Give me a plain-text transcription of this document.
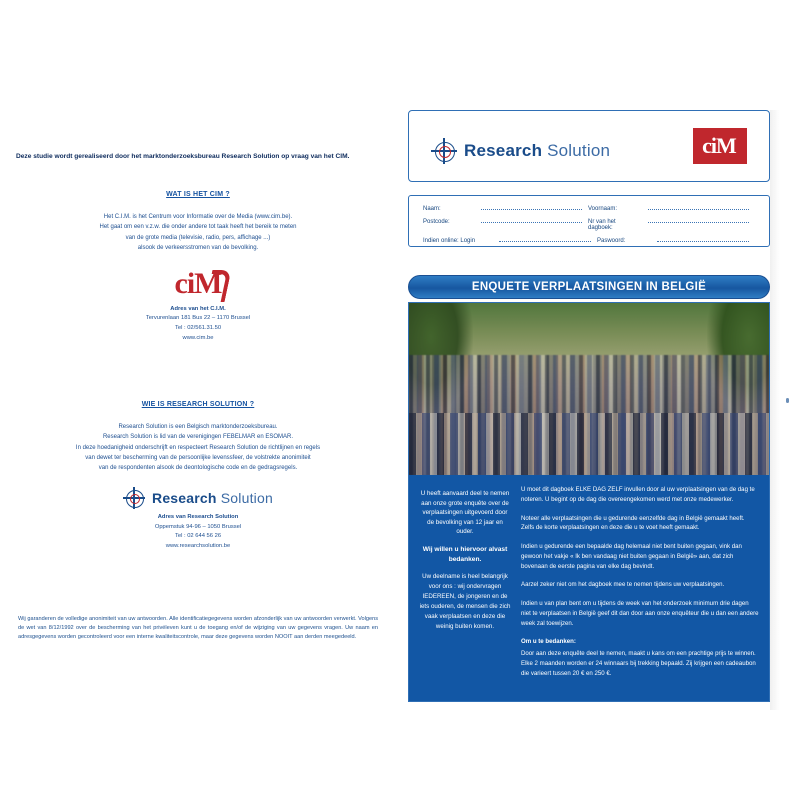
Deze studie wordt gerealiseerd door het marktonderzoeksbureau Research Solution op vraag van het CIM.
WAT IS HET CIM ?
Het C.I.M. is het Centrum voor Informatie over de Media (www.cim.be).
Het gaat om een v.z.w. die onder andere tot taak heeft het bereik te meten
van de grote media (televisie, radio, pers, affichage ...)
alsook de verkeersstromen van de bevolking.
ciM
Adres van het C.I.M.
Tervurenlaan 181 Bus 22 – 1170 Brussel
Tel : 02/561.31.50
www.cim.be
WIE IS RESEARCH SOLUTION ?
Research Solution is een Belgisch marktonderzoeksbureau.
Research Solution is lid van de verenigingen FEBELMAR en ESOMAR.
In deze hoedanigheid onderschrijft en respecteert Research Solution de richtlijnen en regels
van dewet ter bescherming van de persoonlijke levenssfeer, de volstrekte anonimiteit
van de respondenten alsook de deontologische code en de gedragsregels.
Research Solution
Adres van Research Solution
Oppemstuk 94-96 – 1050 Brussel
Tel : 02 644 56 26
www.researchsolution.be
Wij garanderen de volledige anonimiteit van uw antwoorden. Alle identificatiegegevens worden afzonderlijk van uw antwoorden verwerkt. Volgens de wet van 8/12/1992 over de bescherming van het privéleven kunt u de toegang en/of de wijziging van uw gegevens vragen. Uw naam en adresgegevens worden gecontroleerd voor een interne kwaliteitscontrole, maar deze gegevens worden NOOIT aan derden meegedeeld.
Research Solution	ciM
Naam:	Voornaam:
Postcode:	Nr van het dagboek:
Indien online: Login	Paswoord:
ENQUETE VERPLAATSINGEN IN BELGIË
U heeft aanvaard deel te nemen aan onze grote enquête over de verplaatsingen uitgevoerd door de bevolking van 12 jaar en ouder.
Wij willen u hiervoor alvast bedanken.
Uw deelname is heel belangrijk voor ons : wij ondervragen IEDEREEN, de jongeren en de iets ouderen, de mensen die zich vaak verplaatsen en deze die weinig buiten komen.

U moet dit dagboek ELKE DAG ZELF invullen door al uw verplaatsingen van de dag te noteren. U begint op de dag die overeengekomen werd met onze medewerker.

Noteer alle verplaatsingen die u gedurende eenzelfde dag in België gemaakt heeft. Zelfs de korte verplaatsingen en deze die u te voet heeft gemaakt.

Indien u gedurende een bepaalde dag helemaal niet bent buiten gegaan, vink dan gewoon het vakje « Ik ben vandaag niet buiten gegaan in België» aan, dat zich bovenaan de eerste pagina van elke dag bevindt.

Aarzel zeker niet om het dagboek mee te nemen tijdens uw verplaatsingen.

Indien u van plan bent om u tijdens de week van het onderzoek minimum drie dagen niet te verplaatsen in België geef dit dan door aan onze enquêteur die u dan een andere week zal toewijzen.

Om u te bedanken:

Door aan deze enquête deel te nemen, maakt u kans om een prachtige prijs te winnen. Elke 2 maanden worden er 24 winnaars bij trekking bepaald. Zij krijgen een cadeaubon die varieert tussen 20 € en 250 €.
